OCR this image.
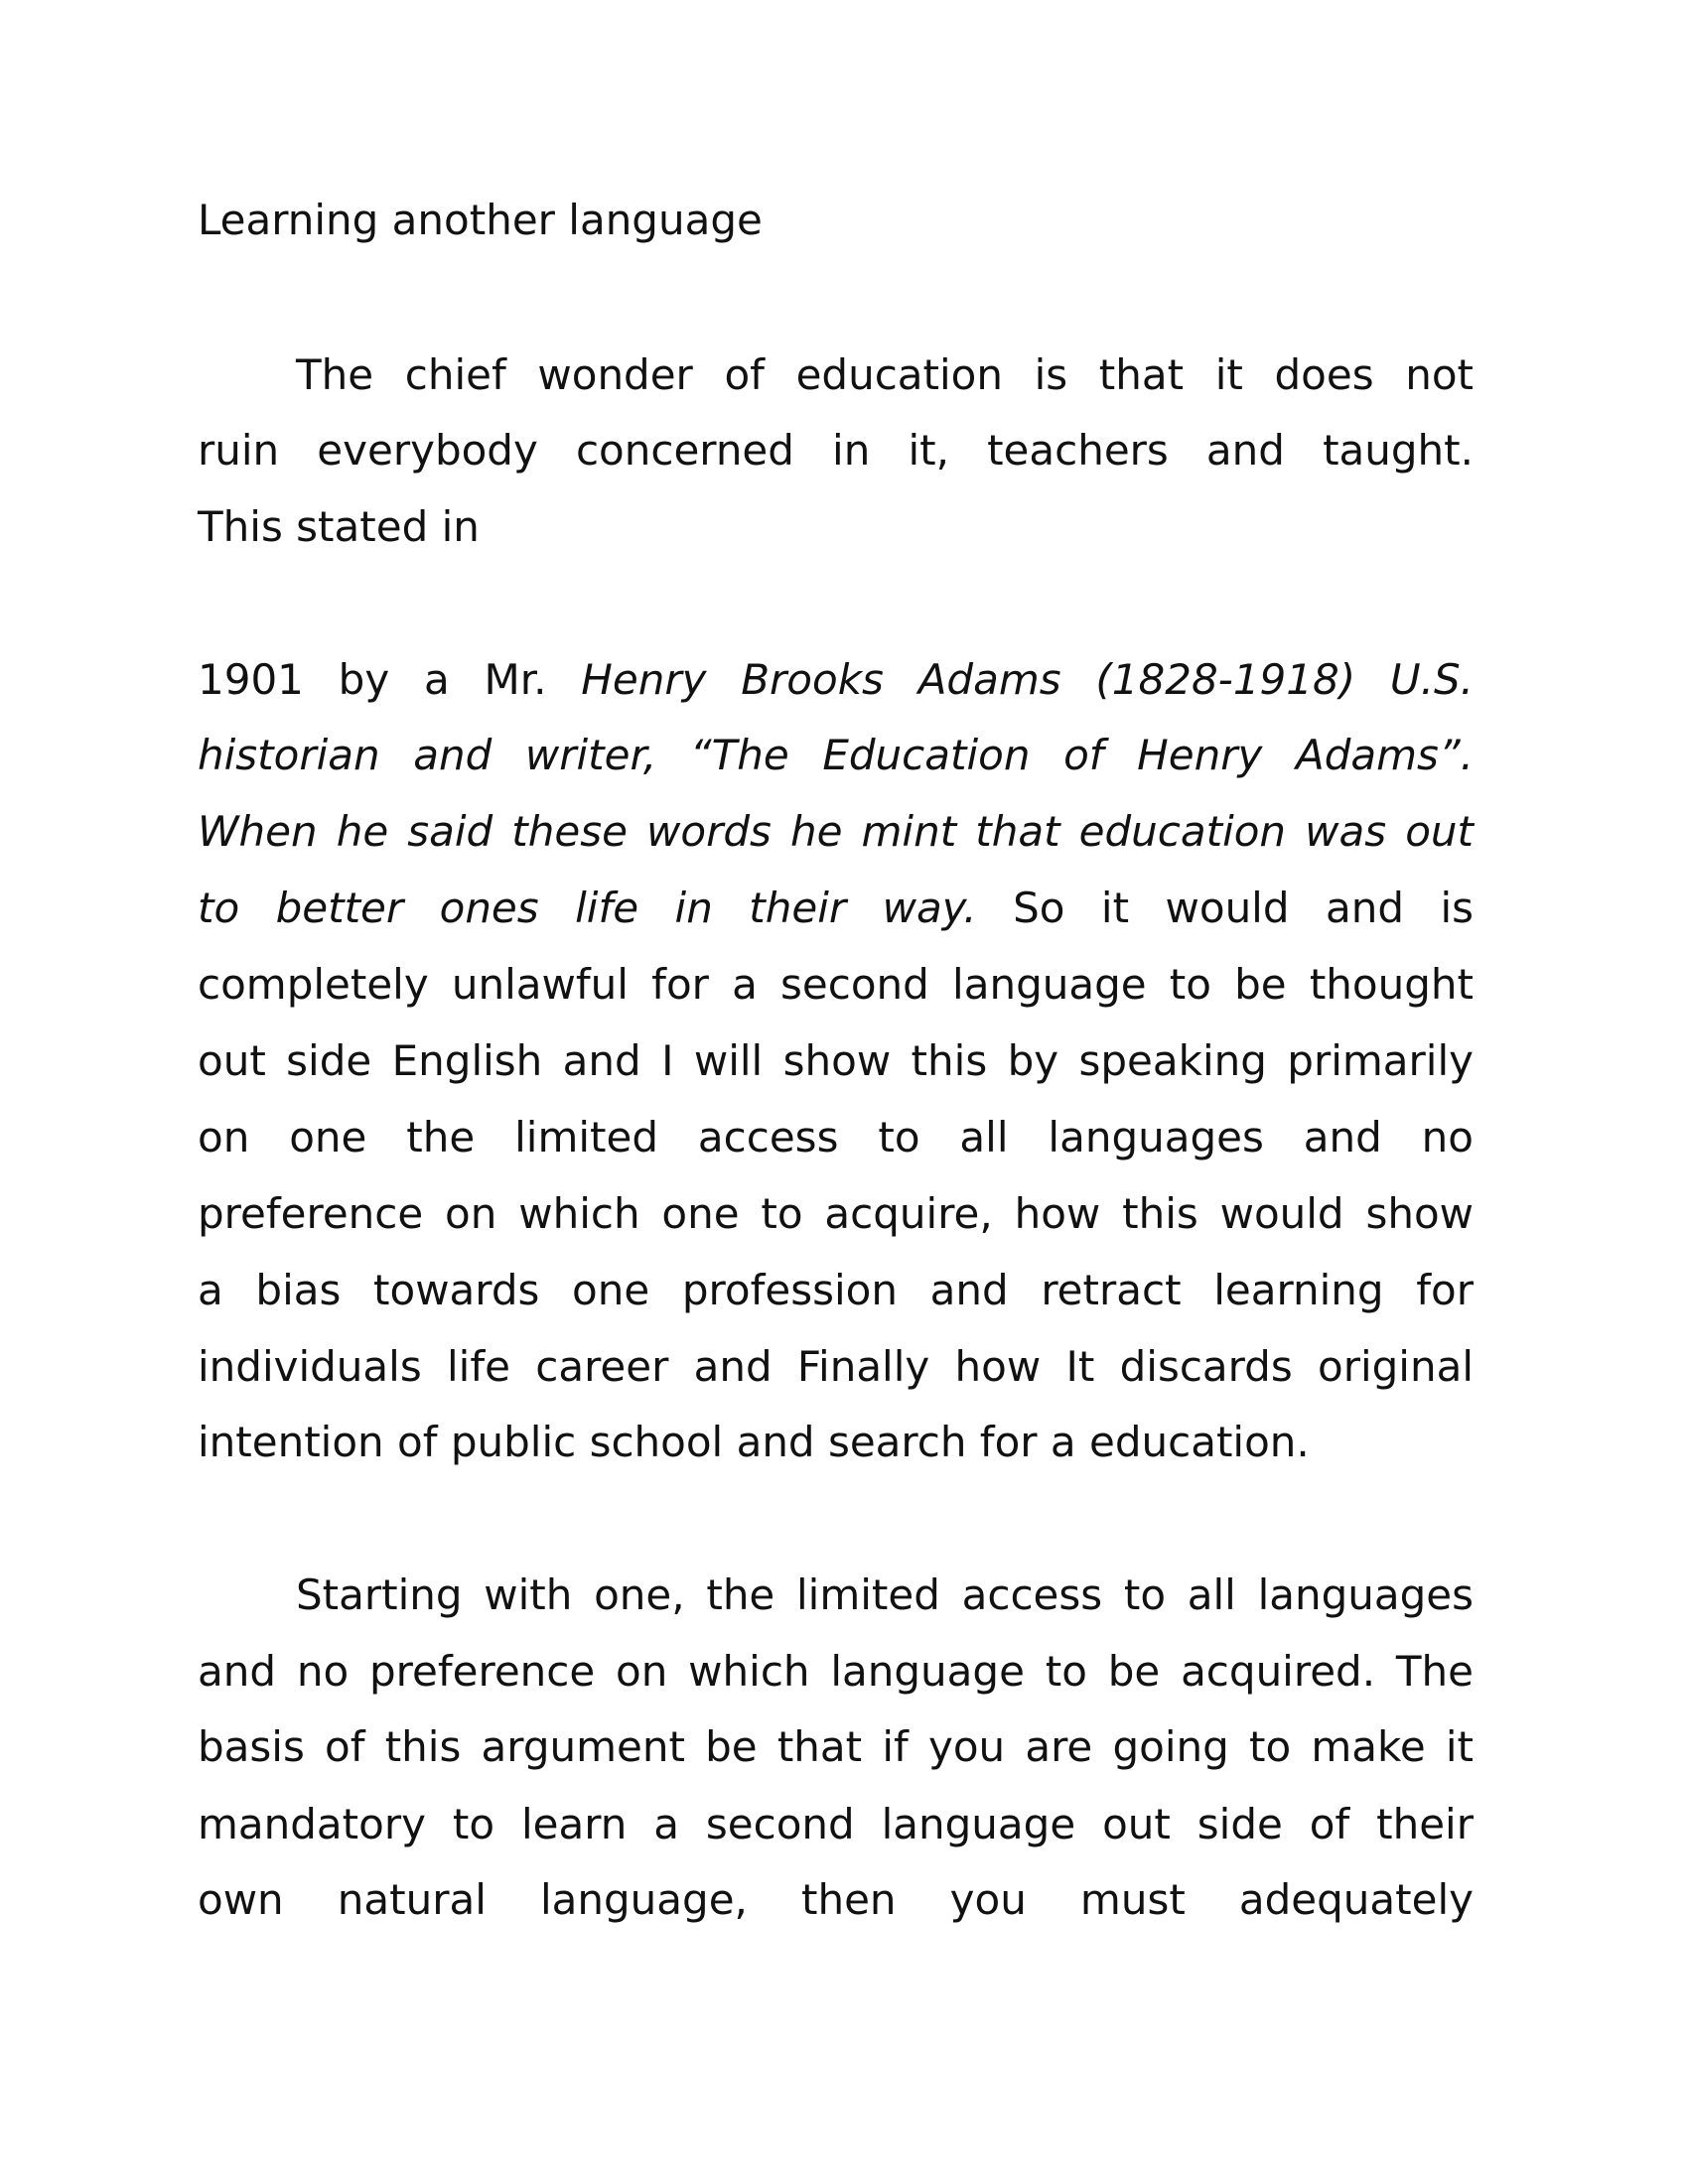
Learning another language
The chief wonder of education is that it does not
ruin everybody concerned in it, teachers and taught.
This stated in
1901 by a Mr. Henry Brooks Adams (1828-1918) U.S.
historian and writer, “The Education of Henry Adams”.
When he said these words he mint that education was out
to better ones life in their way. So it would and is
completely unlawful for a second language to be thought
out side English and I will show this by speaking primarily
on one the limited access to all languages and no
preference on which one to acquire, how this would show
a bias towards one profession and retract learning for
individuals life career and Finally how It discards original
intention of public school and search for a education.
Starting with one, the limited access to all languages
and no preference on which language to be acquired. The
basis of this argument be that if you are going to make it
mandatory to learn a second language out side of their
own natural language, then you must adequately
